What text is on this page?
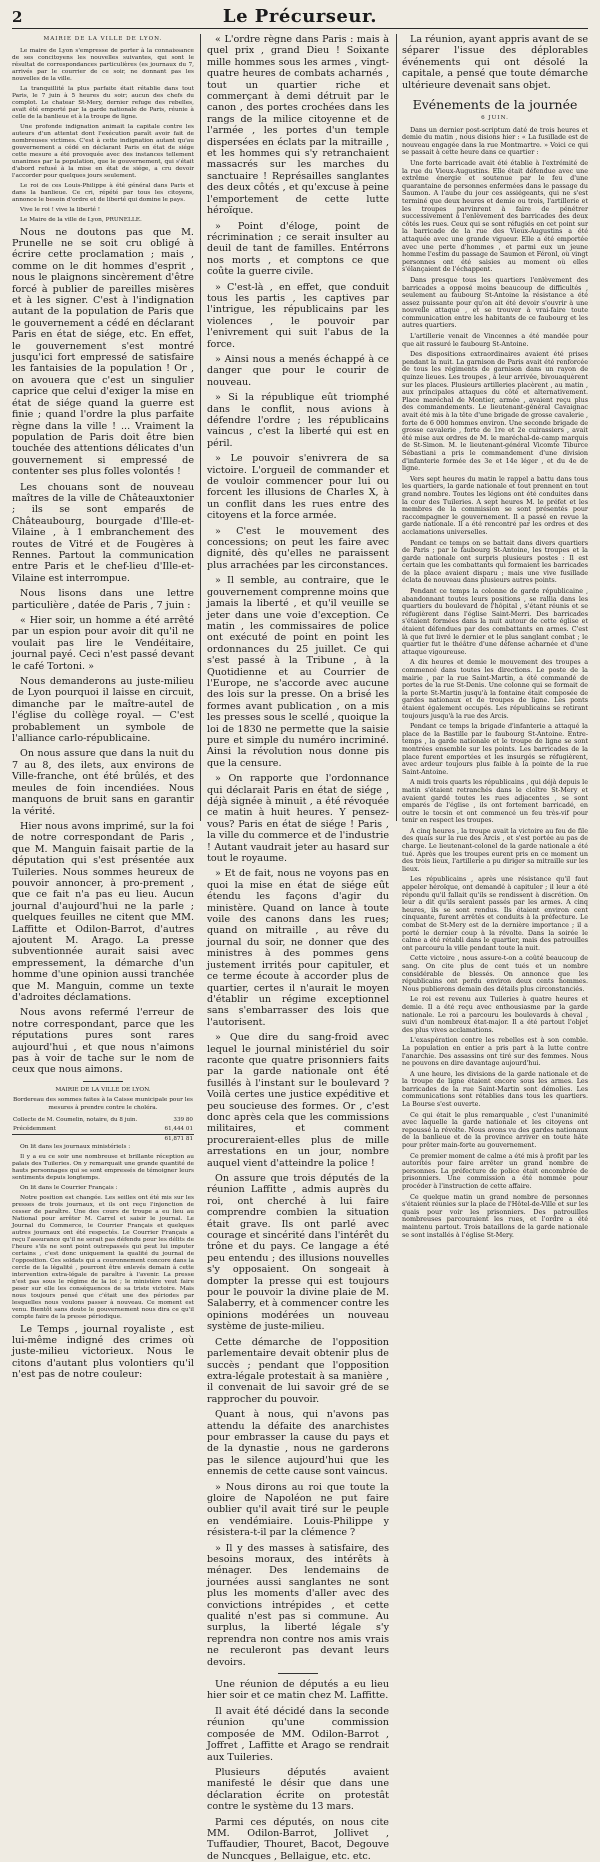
2	Le Précurseur.

MAIRIE DE LA VILLE DE LYON.

Le maire de Lyon s'empresse de porter à la connaissance de ses concitoyens les nouvelles suivantes, qui sont le résultat de correspondances particulières (es journaux du 7, arrivés par le courrier de ce soir, ne donnant pas les nouvelles de la ville.

La tranquillité la plus parfaite était rétablie dans tout Paris, le 7 juin à 5 heures du soir; aucun des chefs du complot. Le chatear St-Mery, dernier refuge des rebelles, avait été emporté par la garde nationale de Paris, réunie à celle de la banlieue et à la troupe de ligne.

Une profonde indignation animait la capitale contre les auteurs d'un attentat dont l'exécution paraît avoir fait de nombreuses victimes. C'est à cette indignation autant qu'au gouvernement a cédé en déclarant Paris en état de siége cette mesure a été provoquée avec des instances tellement unanimes par la population, que le gouvernement, qui s'était d'abord refusé à la mise en état de siége, a cru devoir l'accorder pour quelques jours seulement.

Le roi de ces Louis-Philippe à été général dans Paris et dans la banlieue. Ce cri, répété par tous les citoyens, annonce le besoin d'ordre et de liberté qui domine le pays.

Vive le roi ! vive la liberté !

Le Maire de la ville de Lyon, PRUNELLE.

Nous ne doutons pas que M. Prunelle ne se soit cru obligé à écrire cette proclamation ; mais , comme on le dit hommes d'esprit , nous le plaignons sincèrement d'être forcé à publier de pareilles misères et à les signer. C'est à l'indignation autant de la population de Paris que le gouvernement a cédé en déclarant Paris en état de siége, etc. En effet, le gouvernement s'est montré jusqu'ici fort empressé de satisfaire les fantaisies de la population ! Or , on avouera que c'est un singulier caprice que celui d'exiger la mise en état de siége quand la guerre est finie ; quand l'ordre la plus parfaite règne dans la ville ! ... Vraiment la population de Paris doit être bien touchée des attentions délicates d'un gouvernement si empressé de contenter ses plus folles volontés !

Les chouans sont de nouveau maîtres de la ville de Châteauxtonier ; ils se sont emparés de Châteaubourg, bourgade d'Ille-et-Vilaine , à 1 embranchement des routes de Vitré et de Fougères à Rennes. Partout la communication entre Paris et le chef-lieu d'Ille-et-Vilaine est interrompue.

Nous lisons dans une lettre particulière , datée de Paris , 7 juin :

« Hier soir, un homme a été arrêté par un espion pour avoir dit qu'il ne voulait pas lire le Vendéitaire, journal payé. Ceci n'est passé devant le café Tortoni. »

Nous demanderons au juste-milieu de Lyon pourquoi il laisse en circuit, dimanche par le maître-autel de l'église du collège royal. — C'est probablement un symbole de l'alliance carlo-républicaine.

On nous assure que dans la nuit du 7 au 8, des ilets, aux environs de Ville-franche, ont été brûlés, et des meules de foin incendiées. Nous manquons de bruit sans en garantir la vérité.

Hier nous avons imprimé, sur la foi de notre correspondant de Paris , que M. Manguin faisait partie de la députation qui s'est présentée aux Tuileries. Nous sommes heureux de pouvoir annoncer, à pro-prement , que ce fait n'a pas eu lieu. Aucun journal d'aujourd'hui ne la parle ; quelques feuilles ne citent que MM. Laffitte et Odilon-Barrot, d'autres ajoutent M. Arago. La presse subventionnée aurait saisi avec empressement, la démarche d'un homme d'une opinion aussi tranchée que M. Manguin, comme un texte d'adroites déclamations.

Nous avons refermé l'erreur de notre correspondant, parce que les réputations pures sont rares aujourd'hui , et que nous n'aimons pas à voir de tache sur le nom de ceux que nous aimons.

MAIRIE DE LA VILLE DE LYON.

Bordereau des sommes faites à la Caisse municipale pour les mesures à prendre contre le choléra.

Collecte de M. Coumelin, notaire, du 8 juin.	339 80
Précédemment	61,444 01
	61,871 81

On lit dans les journaux ministériels :

Il y a eu ce soir une nombreuse et brillante réception au palais des Tuileries. On y remarquait une grande quantité de hauts personnages qui se sont empressés de témoigner leurs sentiments depuis longtemps.

On lit dans le Courrier Français :

Notre position est changée. Les seilles ont été mis sur les presses de trois journaux, et ils ont reçu l'injonction de cesser de paraître. Une des cours de troupe a eu lieu au National pour arrêter M. Carrel et saisir le journal. Le Journal du Commerce, le Courrier Français et quelques autres journaux ont été respectés. Le Courrier Français a reçu l'assurance qu'il ne serait pas défendu pour les délits de l'heure s'ils ne sont point outrepassés qui peut lui imputer certains , c'est donc uniquement la qualité du journal de l'opposition. Ces soldats qui a couronnement concore dans la cercle de la légalité , pourront être enlevés demain à cette intervention extra-légale de paraître à l'avenir. La presse n'est pas sous le régime de la loi ; le ministère veut faire peser sur elle les conséquences de sa triste victoire. Mais nous toujours pensé que c'était une des périodes par lesquelles nous voulons passer à nouveau. Ce moment est venu. Bientôt sans doute le gouvernement nous dira ce qu'il compte faire de la presse périodique.

Le Temps , journal royaliste , est lui-même indigné des crimes où juste-milieu victorieux. Nous le citons d'autant plus volontiers qu'il n'est pas de notre couleur:

« L'ordre règne dans Paris : mais à quel prix , grand Dieu ! Soixante mille hommes sous les armes , vingt-quatre heures de combats acharnés , tout un quartier riche et commerçant à demi détruit par le canon , des portes crochées dans les rangs de la milice citoyenne et de l'armée , les portes d'un temple dispersées en éclats par la mitraille , et les hommes qui s'y retranchaient massacrés sur les marches du sanctuaire ! Représailles sanglantes des deux côtés , et qu'excuse à peine l'emportement de cette lutte héroïque.

» Point d'éloge, point de récrimination ; ce serait insulter au deuil de tant de familles. Entérrons nos morts , et comptons ce que coûte la guerre civile.

» C'est-là , en effet, que conduit tous les partis , les captives par l'intrigue, les républicains par les violences , le pouvoir par l'enivrement qui suit l'abus de la force.

» Ainsi nous a menés échappé à ce danger que pour le courir de nouveau.

» Si la république eût triomphé dans le conflit, nous avions à défendre l'ordre ; les républicains vaincus , c'est la liberté qui est en péril.

» Le pouvoir s'enivrera de sa victoire. L'orgueil de commander et de vouloir commencer pour lui ou forcent les illusions de Charles X, à un conflit dans les rues entre des citoyens et la force armée.

» C'est le mouvement des concessions; on peut les faire avec dignité, dès qu'elles ne paraissent plus arrachées par les circonstances.

» Il semble, au contraire, que le gouvernement comprenne moins que jamais la liberté , et qu'il veuille se jeter dans une voie d'exception. Ce matin , les commissaires de police ont exécuté de point en point les ordonnances du 25 juillet. Ce qui s'est passé à la Tribune , à la Quotidienne et au Courrier de l'Europe, ne s'accorde avec aucune des lois sur la presse. On a brisé les formes avant publication , on a mis les presses sous le scellé , quoique la loi de 1830 ne permette que la saisie pure et simple du numéro incriminé. Ainsi la révolution nous donne pis que la censure.

» On rapporte que l'ordonnance qui déclarait Paris en état de siége , déjà signée à minuit , a été révoquée ce matin à huit heures. Y pensez-vous? Paris en état de siége ! Paris , la ville du commerce et de l'industrie ! Autant vaudrait jeter au hasard sur tout le royaume.

» Et de fait, nous ne voyons pas en quoi la mise en état de siége eût étendu les façons d'agir du ministère. Quand on lance à toute voile des canons dans les rues; quand on mitraille , au rêve du journal du soir, ne donner que des ministres à des pommes gens justement irrités pour capituler, et ce terme écoute à accorder plus de quartier, certes il n'aurait le moyen d'établir un régime exceptionnel sans s'embarrasser des lois que l'autorisent.

» Que dire du sang-froid avec lequel le journal ministériel du soir raconte que quatre prisonniers faits par la garde nationale ont été fusillés à l'instant sur le boulevard ? Voilà certes une justice expéditive et peu soucieuse des formes. Or , c'est donc après cela que les commissions militaires, et comment procureraient-elles plus de mille arrestations en un jour, nombre auquel vient d'atteindre la police !

On assure que trois députés de la réunion Laffitte , admis auprès du roi, ont cherché à lui faire comprendre combien la situation était grave. Ils ont parlé avec courage et sincérité dans l'intérêt du trône et du pays. Ce langage a été peu entendu ; des illusions nouvelles s'y opposaient. On songeait à dompter la presse qui est toujours pour le pouvoir la divine plaie de M. Salaberry, et à commencer contre les opinions modérées un nouveau système de juste-milieu.

Cette démarche de l'opposition parlementaire devait obtenir plus de succès ; pendant que l'opposition extra-légale protestait à sa manière , il convenait de lui savoir gré de se rapprocher du pouvoir.

Quant à nous, qui n'avons pas attendu la défaite des anarchistes pour embrasser la cause du pays et de la dynastie , nous ne garderons pas le silence aujourd'hui que les ennemis de cette cause sont vaincus.

» Nous dirons au roi que toute la gloire de Napoléon ne put faire oublier qu'il avait tiré sur le peuple en vendémiaire. Louis-Philippe y résistera-t-il par la clémence ?

» Il y des masses à satisfaire, des besoins moraux, des intérêts à ménager. Des lendemains de journées aussi sanglantes ne sont plus les moments d'aller avec des convictions intrépides , et cette qualité n'est pas si commune. Au surplus, la liberté légale s'y reprendra non contre nos amis vrais ne reculeront pas devant leurs devoirs.

Une réunion de députés a eu lieu hier soir et ce matin chez M. Laffitte.

Il avait été décidé dans la seconde réunion qu'une commission composée de MM. Odilon-Barrot , Joffret , Laffitte et Arago se rendrait aux Tuileries.

Plusieurs députés avaient manifesté le désir que dans une déclaration écrite on protestât contre le système du 13 mars.

Parmi ces députés, on nous cite MM. Odilon-Barrot, Jollivet , Tuffaudier, Thouret, Bacot, Degouve de Nuncques , Bellaigue, etc. etc.

La réunion, ayant appris avant de se séparer l'issue des déplorables événements qui ont désolé la capitale, a pensé que toute démarche ultérieure devenait sans objet.

Evénements de la journée

6 JUIN.

Dans un dernier post-scriptum daté de trois heures et demie du matin , nous disions hier : « La fusillade est de nouveau engagée dans la rue Montmartre. » Voici ce qui se passait à cette heure dans ce quartier :

Une forte barricade avait été établie à l'extrémité de la rue du Vieux-Augustins. Elle était défendue avec une extrême énergie et soutenue par le feu d'une quarantaine de personnes enfermées dans le passage du Saumon. A l'aube du jour ces assiégeants, qui ne s'est terminé que deux heures et demie ou trois, l'artillerie et les troupes parvinrent à faire de pénétrer successivement à l'enlèvement des barricades des deux côtés les rues. Ceux qui se sont réfugiés en cet point sur la barricade de la rue des Vieux-Augustins a été attaquée avec une grande vigueur. Elle a été emportée avec une perte d'hommes , et parmi eux un jeune homme l'estim du passage de Saumon et Féronl, où vingt personnes ont été saisies au moment où elles s'élançaient de l'échappent.

Dans presque tous les quartiers l'enlèvement des barricades a opposé moins beaucoup de difficultés , seulement au faubourg St-Antoine la résistance a été assez puissante pour qu'on ait été devoir s'ouvrir à une nouvelle attaque , et se trouver à vrai-faire toute communication entre les habitants de ce faubourg et les autres quartiers.

L'artillerie venait de Vincennes a été mandée pour que ait rassuré le faubourg St-Antoine.

Des dispositions extraordinaires avaient été prises pendant la nuit. La garnison de Paris avait été renforcée de tous les régiments de garnison dans un rayon de quinze lieues. Les troupes , à leur arrivée, bivouaquèrent sur les places. Plusieurs artilleries placèrent , au matin , aux principales attaques du côté et alternativement. Place maréchal de Montier, armée , avaient reçu plus des commandements. Le lieutenant-général Cavaignac avait été mis à la tête d'une brigade de grosse cavalerie , forte de 6 000 hommes environ. Une seconde brigade de grosse cavalerie , forte de 1re et 2e cuirassiers , avait été mise aux ordres de M. le maréchal-de-camp marquis de St-Simon. M. le lieutenant-général Vicomte Tiburce Sébastiani a pris le commandement d'une division d'infanterie formée des 3e et 14e léger , et du 4e de ligne.

Vers sept heures du matin le rappel a battu dans tous les quartiers, la garde nationale et tout prennent en tout grand nombre. Toutes les légions ont été conduites dans la cour des Tuileries. A sept heures M. le préfet et les membres de la commission se sont présentés pour raccompagner le gouvernement. Il a passé en revue la garde nationale. Il a été rencontré par les ordres et des acclamations universelles.

Pendant ce temps on se battait dans divers quartiers de Paris ; par le faubourg St-Antoine, les troupes et la garde nationale ont surpris plusieurs postes : Il est certain que les combattants qui formaient les barricades de la place avaient disparu ; mais une vive fusillade éclata de nouveau dans plusieurs autres points.

Pendant ce temps la colonne de garde républicaine , abandonnant toutes leurs positions , se rallia dans les quartiers du boulevard de l'hôpital , s'étant réunis et se réfugièrent dans l'église Saint-Merri. Des barricades s'étaient formées dans la nuit autour de cette église et étaient défendues par des combattants en armes. C'est là que fut livré le dernier et le plus sanglant combat ; le quartier fut le théâtre d'une défense acharnée et d'une attaque vigoureuse.

A dix heures et demie le mouvement des troupes a commencé dans toutes les directions. Le poste de la mairie , par la rue Saint-Martin, a été commandé de portes de la rue St-Denis. Une colonne qui se formait de la porte St-Martin jusqu'à la fontaine était composée de gardes nationaux et de troupes de ligne. Les ponts étaient également occupés. Les républicains se retirant toujours jusqu'à la rue des Arcis.

Pendant ce temps la brigade d'infanterie a attaqué la place de la Bastille par le faubourg St-Antoine. Entre-temps , la garde nationale et le troupe de ligne se sont montrées ensemble sur les points. Les barricades de la place furent emportées et les insurgés se réfugièrent, avec ardeur toujours plus faible à la pointe de la rue Saint-Antoine.

A midi trois quarts les républicains , qui déjà depuis le matin s'étaient retranchés dans le cloître St-Mery et avaient gardé toutes les rues adjacentes , se sont emparés de l'église , ils ont fortement barricadé, en outre le tocsin et ont commencé un feu très-vif pour tenir en respect les troupes.

A cinq heures , la troupe avait la victoire au feu de file des quais sur la rue des Arcis , et s'est portée au pas de charge. Le lieutenant-colonel de la garde nationale a été tué. Après que les troupes eurent pris en ce moment un des trois lieux, l'artillerie a pu diriger sa mitraille sur les lieux.

Les républicains , après une résistance qu'il faut appeler héroïque, ont demandé à capituler ; il leur a été répondu qu'il fallait qu'ils se rendissent à discrétion. On leur a dit qu'ils seraient passés par les armes. A cinq heures, ils se sont rendus. Ils étaient environ cent cinquante, furent arrêtés et conduits à la préfecture. Le combat de St-Mery est de la dernière importance ; il a porté le dernier coup à la révolte. Dans la soirée le calme a été rétabli dans le quartier, mais des patrouilles ont parcouru la ville pendant toute la nuit.

Cette victoire , nous assure-t-on a coûté beaucoup de sang. On cite plus de cent tués et un nombre considérable de blessés. On annonce que les républicains ont perdu environ deux cents hommes. Nous publierons demain des détails plus circonstanciés.

Le roi est revenu aux Tuileries à quatre heures et demie. Il a été reçu avec enthousiasme par la garde nationale. Le roi a parcouru les boulevards à cheval , suivi d'un nombreux état-major. Il a été partout l'objet des plus vives acclamations.

L'exaspération contre les rebelles est à son comble. La population en entier a pris part à la lutte contre l'anarchie. Des assassins ont tiré sur des femmes. Nous ne pouvons en dire davantage aujourd'hui.

A une heure, les divisions de la garde nationale et de la troupe de ligne étaient encore sous les armes. Les barricades de la rue Saint-Martin sont démolies. Les communications sont rétablies dans tous les quartiers. La Bourse s'est ouverte.

Ce qui était le plus remarquable , c'est l'unanimité avec laquelle la garde nationale et les citoyens ont repoussé la révolte. Nous avons vu des gardes nationaux de la banlieue et de la province arriver en toute hâte pour prêter main-forte au gouvernement.

Ce premier moment de calme a été mis à profit par les autorités pour faire arrêter un grand nombre de personnes. La préfecture de police était encombrée de prisonniers. Une commission a été nommée pour procéder à l'instruction de cette affaire.

Ce quelque matin un grand nombre de personnes s'étaient réunies sur la place de l'Hôtel-de-Ville et sur les quais pour voir les prisonniers. Des patrouilles nombreuses parcouraient les rues, et l'ordre a été maintenu partout. Trois bataillons de la garde nationale se sont installés à l'église St-Mery.
